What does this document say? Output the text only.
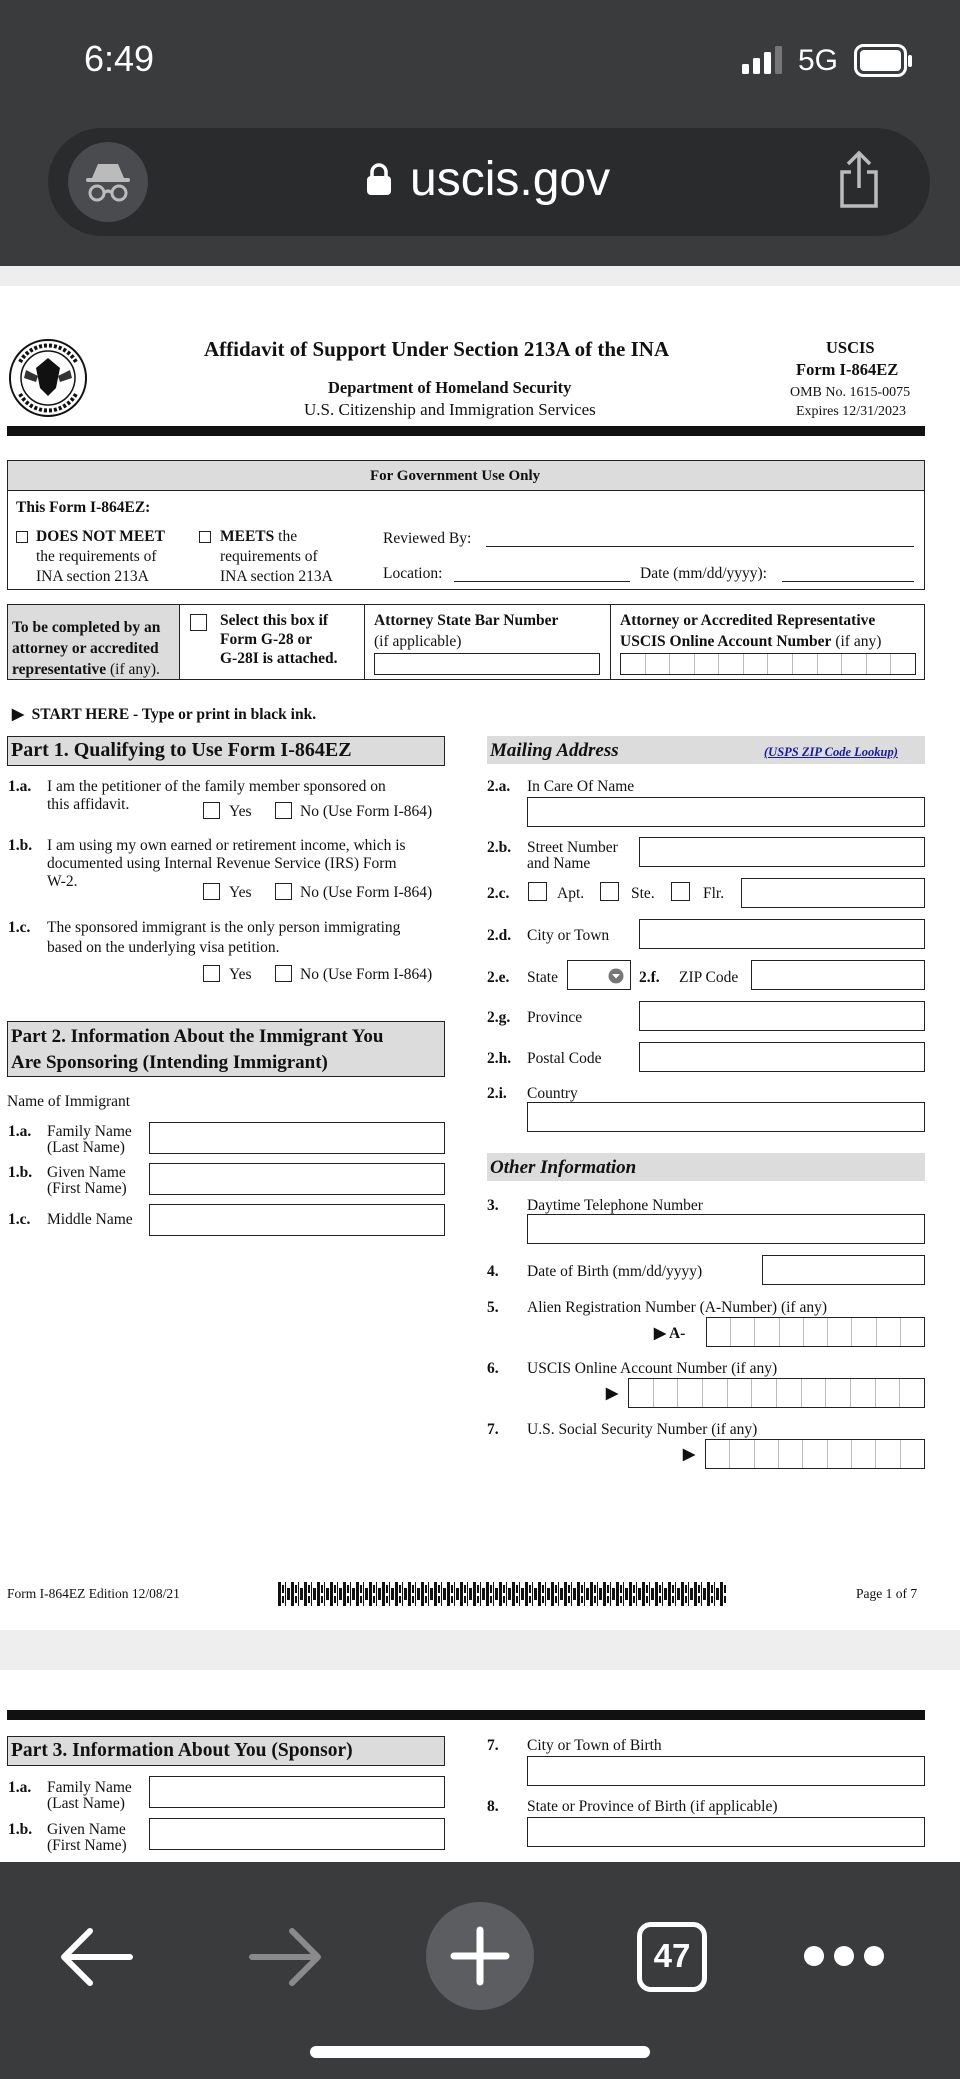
6:49	5G
uscis.gov
Affidavit of Support Under Section 213A of the INA
Department of Homeland Security
U.S. Citizenship and Immigration Services
USCIS
Form I-864EZ
OMB No. 1615-0075
Expires 12/31/2023
For Government Use Only
This Form I-864EZ:
DOES NOT MEET
the requirements of
INA section 213A
MEETS the
requirements of
INA section 213A
Reviewed By:
Location:	Date (mm/dd/yyyy):
To be completed by an
attorney or accredited
representative (if any).
Select this box if
Form G-28 or
G-28I is attached.
Attorney State Bar Number
(if applicable)
Attorney or Accredited Representative
USCIS Online Account Number (if any)
▶ START HERE - Type or print in black ink.
Part 1. Qualifying to Use Form I-864EZ
1.a. I am the petitioner of the family member sponsored on
this affidavit.	Yes	No (Use Form I-864)
1.b. I am using my own earned or retirement income, which is
documented using Internal Revenue Service (IRS) Form
W-2.
Yes	No (Use Form I-864)
1.c. The sponsored immigrant is the only person immigrating
based on the underlying visa petition.
Yes	No (Use Form I-864)
Part 2. Information About the Immigrant You
Are Sponsoring (Intending Immigrant)
Name of Immigrant
1.a. Family Name
(Last Name)
1.b. Given Name
(First Name)
1.c. Middle Name
Mailing Address	(USPS ZIP Code Lookup)
2.a. In Care Of Name
2.b. Street Number
and Name
2.c.	Apt.	Ste.	Flr.
2.d. City or Town
2.e. State	2.f. ZIP Code
2.g. Province
2.h. Postal Code
2.i. Country
Other Information
3. Daytime Telephone Number
4. Date of Birth (mm/dd/yyyy)
5. Alien Registration Number (A-Number) (if any)
▶ A-
6. USCIS Online Account Number (if any)
▶
7. U.S. Social Security Number (if any)
▶
Form I-864EZ Edition 12/08/21	Page 1 of 7
Part 3. Information About You (Sponsor)
1.a. Family Name
(Last Name)
1.b. Given Name
(First Name)
7. City or Town of Birth
8. State or Province of Birth (if applicable)
47
